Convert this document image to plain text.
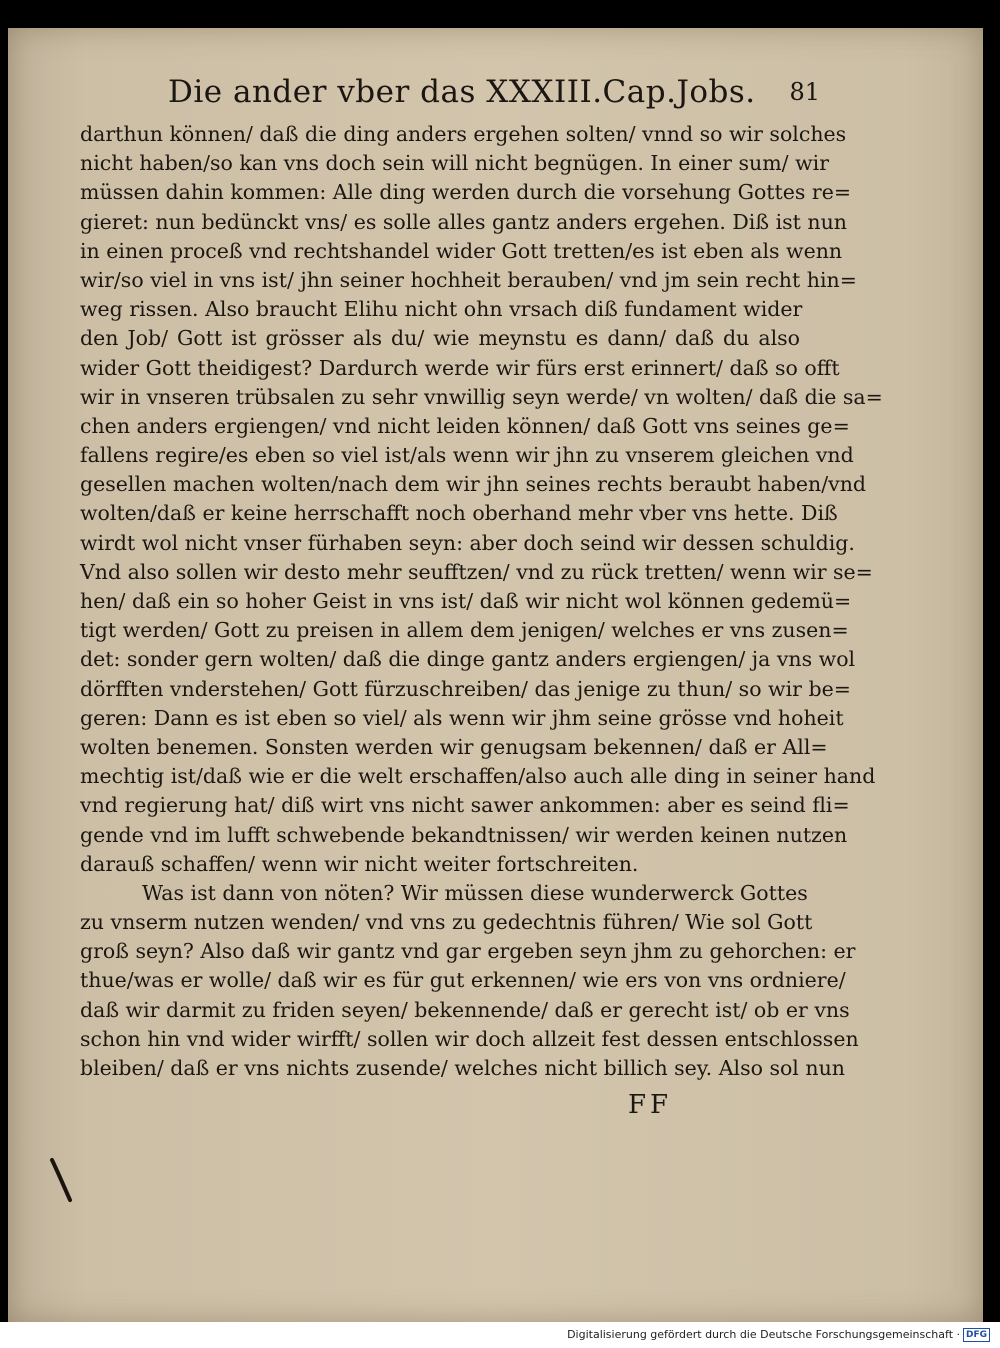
Die ander vber das XXXIII.Cap.Jobs. 81
darthun können/ daß die ding anders ergehen solten/ vnnd so wir solches
nicht haben/so kan vns doch sein will nicht begnügen. In einer sum/ wir
müssen dahin kommen: Alle ding werden durch die vorsehung Gottes re=
gieret: nun bedünckt vns/ es solle alles gantz anders ergehen. Diß ist nun
in einen proceß vnd rechtshandel wider Gott tretten/es ist eben als wenn
wir/so viel in vns ist/ jhn seiner hochheit berauben/ vnd jm sein recht hin=
weg rissen. Also braucht Elihu nicht ohn vrsach diß fundament wider
den Job/ Gott ist grösser als du/ wie meynstu es dann/ daß du also
wider Gott theidigest? Dardurch werde wir fürs erst erinnert/ daß so offt
wir in vnseren trübsalen zu sehr vnwillig seyn werde/ vn wolten/ daß die sa=
chen anders ergiengen/ vnd nicht leiden können/ daß Gott vns seines ge=
fallens regire/es eben so viel ist/als wenn wir jhn zu vnserem gleichen vnd
gesellen machen wolten/nach dem wir jhn seines rechts beraubt haben/vnd
wolten/daß er keine herrschafft noch oberhand mehr vber vns hette. Diß
wirdt wol nicht vnser fürhaben seyn: aber doch seind wir dessen schuldig.
Vnd also sollen wir desto mehr seufftzen/ vnd zu rück tretten/ wenn wir se=
hen/ daß ein so hoher Geist in vns ist/ daß wir nicht wol können gedemü=
tigt werden/ Gott zu preisen in allem dem jenigen/ welches er vns zusen=
det: sonder gern wolten/ daß die dinge gantz anders ergiengen/ ja vns wol
dörfften vnderstehen/ Gott fürzuschreiben/ das jenige zu thun/ so wir be=
geren: Dann es ist eben so viel/ als wenn wir jhm seine grösse vnd hoheit
wolten benemen. Sonsten werden wir genugsam bekennen/ daß er All=
mechtig ist/daß wie er die welt erschaffen/also auch alle ding in seiner hand
vnd regierung hat/ diß wirt vns nicht sawer ankommen: aber es seind fli=
gende vnd im lufft schwebende bekandtnissen/ wir werden keinen nutzen
darauß schaffen/ wenn wir nicht weiter fortschreiten.
Was ist dann von nöten? Wir müssen diese wunderwerck Gottes
zu vnserm nutzen wenden/ vnd vns zu gedechtnis führen/ Wie sol Gott
groß seyn? Also daß wir gantz vnd gar ergeben seyn jhm zu gehorchen: er
thue/was er wolle/ daß wir es für gut erkennen/ wie ers von vns ordniere/
daß wir darmit zu friden seyen/ bekennende/ daß er gerecht ist/ ob er vns
schon hin vnd wider wirfft/ sollen wir doch allzeit fest dessen entschlossen
bleiben/ daß er vns nichts zusende/ welches nicht billich sey. Also sol nun
FF
Digitalisierung gefördert durch die Deutsche Forschungsgemeinschaft · DFG
